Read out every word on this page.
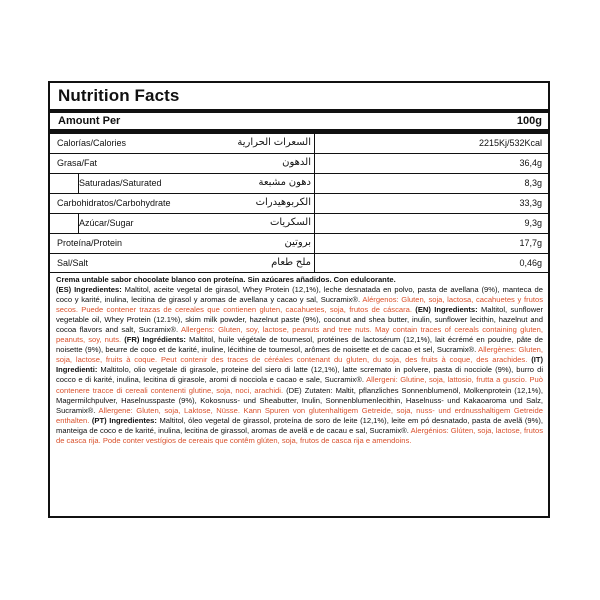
Nutrition Facts
Amount Per	100g
Calorías/Calories	السعرات الحرارية	2215Kj/532Kcal
Grasa/Fat	الدهون	36,4g
Saturadas/Saturated	دهون مشبعة	8,3g
Carbohidratos/Carbohydrate	الكربوهيدرات	33,3g
Azúcar/Sugar	السكريات	9,3g
Proteína/Protein	بروتين	17,7g
Sal/Salt	ملح طعام	0,46g
Crema untable sabor chocolate blanco con proteína. Sin azúcares añadidos. Con edulcorante.
(ES) Ingredientes: Maltitol, aceite vegetal de girasol, Whey Protein (12,1%), leche desnatada en polvo, pasta de avellana (9%), manteca de coco y karité, inulina, lecitina de girasol y aromas de avellana y cacao y sal, Sucramix®. Alérgenos: Gluten, soja, lactosa, cacahuetes y frutos secos. Puede contener trazas de cereales que contienen gluten, cacahuetes, soja, frutos de cáscara. (EN) Ingredients: Maltitol, sunflower vegetable oil, Whey Protein (12.1%), skim milk powder, hazelnut paste (9%), coconut and shea butter, inulin, sunflower lecithin, hazelnut and cocoa flavors and salt, Sucramix®. Allergens: Gluten, soy, lactose, peanuts and tree nuts. May contain traces of cereals containing gluten, peanuts, soy, nuts. (FR) Ingrédients: Maltitol, huile végétale de tournesol, protéines de lactosérum (12,1%), lait écrémé en poudre, pâte de noisette (9%), beurre de coco et de karité, inuline, lécithine de tournesol, arômes de noisette et de cacao et sel, Sucramix®. Allergènes: Gluten, soja, lactose, fruits à coque. Peut contenir des traces de céréales contenant du gluten, du soja, des fruits à coque, des arachides. (IT) Ingredienti: Maltitolo, olio vegetale di girasole, proteine del siero di latte (12,1%), latte scremato in polvere, pasta di nocciole (9%), burro di cocco e di karité, inulina, lecitina di girasole, aromi di nocciola e cacao e sale, Sucramix®. Allergeni: Glutine, soja, lattosio, frutta a guscio. Può contenere tracce di cereali contenenti glutine, soja, noci, arachidi. (DE) Zutaten: Maltit, pflanzliches Sonnenblumenöl, Molkenprotein (12,1%), Magermilchpulver, Haselnusspaste (9%), Kokosnuss- und Sheabutter, Inulin, Sonnenblumenlecithin, Haselnuss- und Kakaoaroma und Salz, Sucramix®. Allergene: Gluten, soja, Laktose, Nüsse. Kann Spuren von glutenhaltigem Getreide, soja, nuss- und erdnusshaltigem Getreide enthalten. (PT) Ingredientes: Maltitol, óleo vegetal de girassol, proteína de soro de leite (12,1%), leite em pó desnatado, pasta de avelã (9%), manteiga de coco e de karité, inulina, lecitina de girassol, aromas de avelã e de cacau e sal, Sucramix®. Alergénios: Glúten, soja, lactose, frutos de casca rija. Pode conter vestígios de cereais que contêm glúten, soja, frutos de casca rija e amendoins.
